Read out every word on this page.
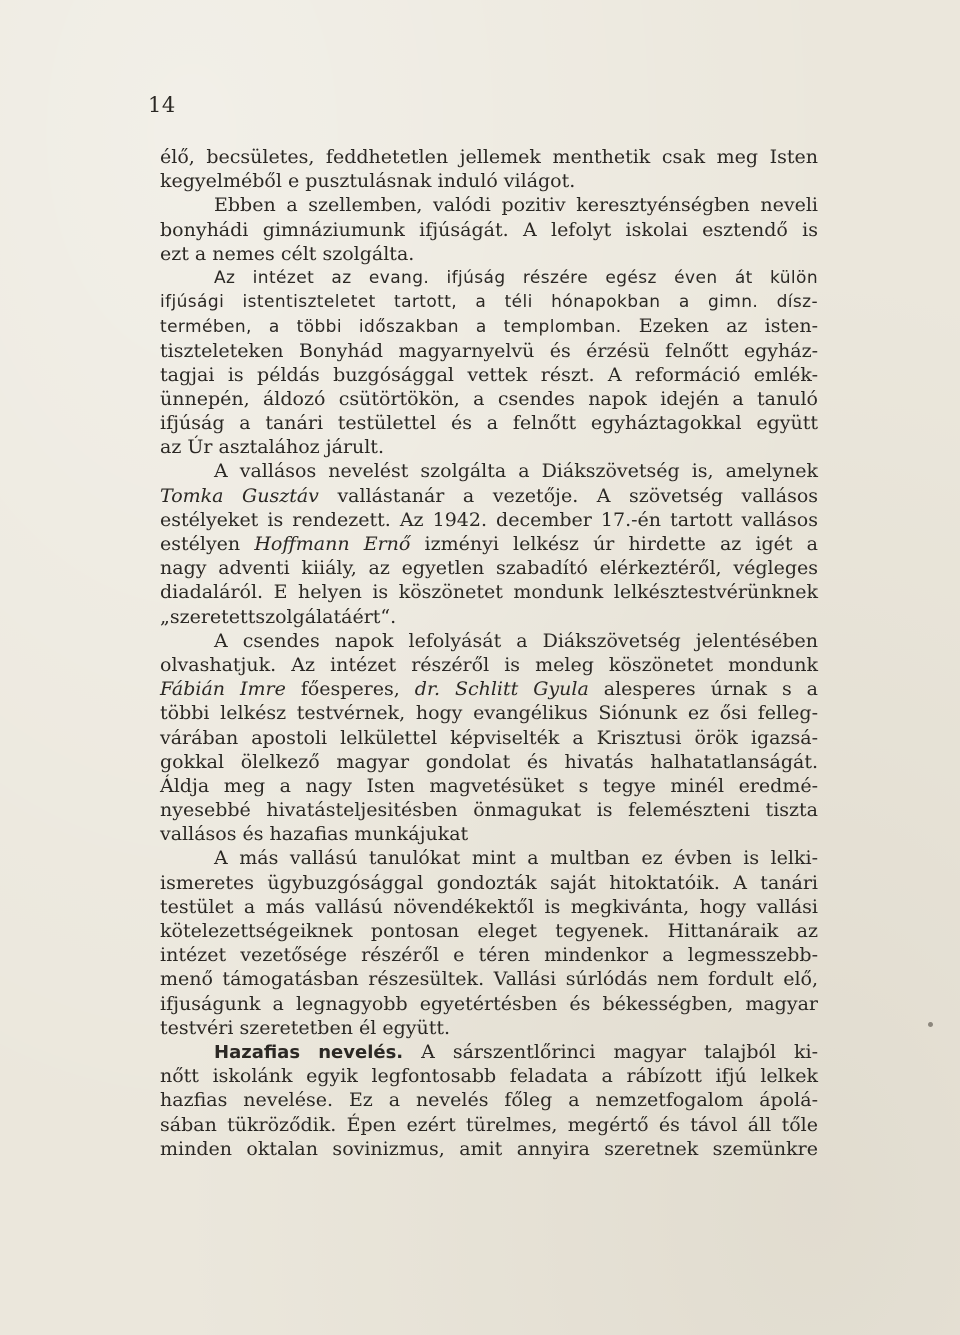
14
élő, becsületes, feddhetetlen jellemek menthetik csak meg Isten
kegyelméből e pusztulásnak induló világot.
Ebben a szellemben, valódi pozitiv keresztyénségben neveli
bonyhádi gimnáziumunk ifjúságát. A lefolyt iskolai esztendő is
ezt a nemes célt szolgálta.
Az intézet az evang. ifjúság részére egész éven át külön
ifjúsági istentiszteletet tartott, a téli hónapokban a gimn. dísz-
termében, a többi időszakban a templomban. Ezeken az isten-
tiszteleteken Bonyhád magyarnyelvü és érzésü felnőtt egyház-
tagjai is példás buzgósággal vettek részt. A reformáció emlék-
ünnepén, áldozó csütörtökön, a csendes napok idején a tanuló
ifjúság a tanári testülettel és a felnőtt egyháztagokkal együtt
az Úr asztalához járult.
A vallásos nevelést szolgálta a Diákszövetség is, amelynek
Tomka Gusztáv vallástanár a vezetője. A szövetség vallásos
estélyeket is rendezett. Az 1942. december 17.-én tartott vallásos
estélyen Hoffmann Ernő iz​ményi lelkész úr hirdette az igét a
nagy adventi kiiály, az egyetlen szabadító elérkeztéről, végleges
diadaláról. E helyen is köszönetet mondunk lelkésztestvérünknek
„szeretettszolgálatáért“.
A csendes napok lefolyását a Diákszövetség jelentésében
olvashatjuk. Az intézet részéről is meleg köszönetet mondunk
Fábián Imre főesperes, dr. Schlitt Gyula alesperes úrnak s a
többi lelkész testvérnek, hogy evangélikus Siónunk ez ősi felleg-
várában apostoli lelkülettel képviselték a Krisztusi örök igazsá-
gokkal ölelkező magyar gondolat és hivatás halhatatlanságát.
Áldja meg a nagy Isten magvetésüket s tegye minél eredmé-
nyesebbé hivatásteljesitésben önmagukat is felemészteni tiszta
vallásos és hazafias munkájukat
A más vallású tanulókat mint a multban ez évben is lelki-
ismeretes ügybuzgósággal gondozták saját hitoktatóik. A tanári
testület a más vallású növendékektől is megkivánta, hogy vallási
kötelezettségeiknek pontosan eleget tegyenek. Hittanáraik az
intézet vezetősége részéről e téren mindenkor a legmesszebb-
menő támogatásban részesültek. Vallási súrlódás nem fordult elő,
ifjuságunk a legnagyobb egyetértésben és békességben, magyar
testvéri szeretetben él együtt.
Hazafias nevelés. A sárszentlőrinci magyar talajból ki-
nőtt iskolánk egyik legfontosabb feladata a rábízott ifjú lelkek
hazfias nevelése. Ez a nevelés főleg a nemzetfogalom ápolá-
sában tükröződik. Épen ezért türelmes, megértő és távol áll tőle
minden oktalan sovinizmus, amit annyira szeretnek szemünkre
